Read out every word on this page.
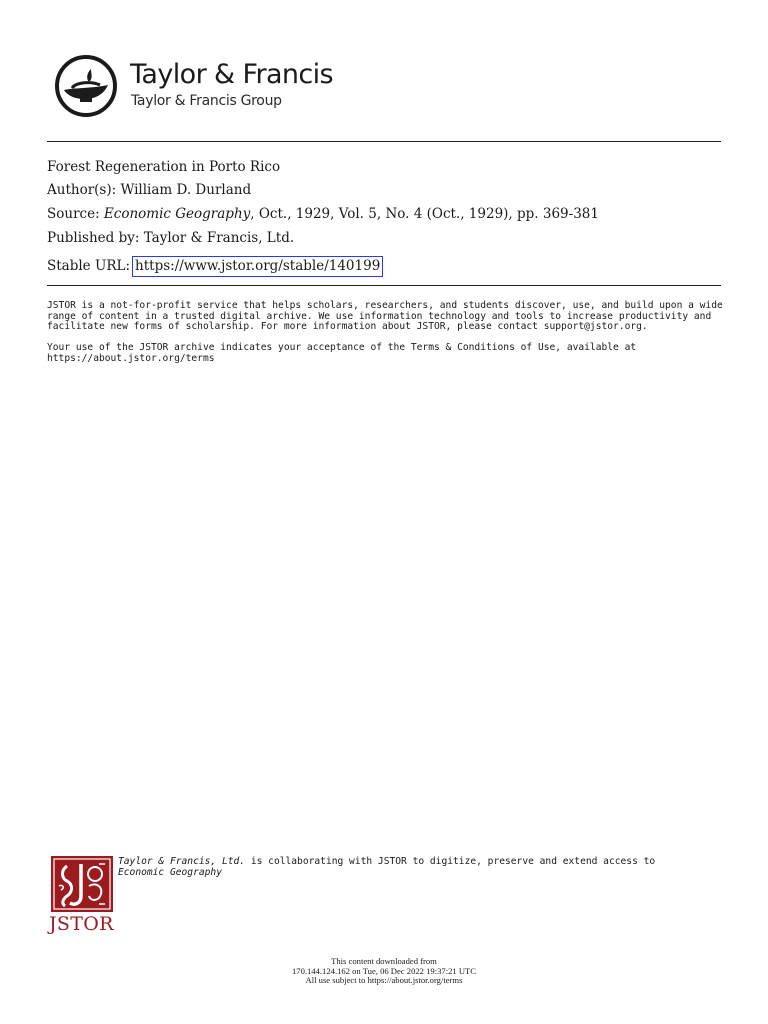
Taylor & Francis
Taylor & Francis Group
Forest Regeneration in Porto Rico
Author(s): William D. Durland
Source: Economic Geography, Oct., 1929, Vol. 5, No. 4 (Oct., 1929), pp. 369-381
Published by: Taylor & Francis, Ltd.
Stable URL: https://www.jstor.org/stable/140199
JSTOR is a not-for-profit service that helps scholars, researchers, and students discover, use, and build upon a wide range of content in a trusted digital archive. We use information technology and tools to increase productivity and facilitate new forms of scholarship. For more information about JSTOR, please contact support@jstor.org.
Your use of the JSTOR archive indicates your acceptance of the Terms & Conditions of Use, available at
https://about.jstor.org/terms
JSTOR
Taylor & Francis, Ltd. is collaborating with JSTOR to digitize, preserve and extend access to
Economic Geography
This content downloaded from
170.144.124.162 on Tue, 06 Dec 2022 19:37:21 UTC
All use subject to https://about.jstor.org/terms
